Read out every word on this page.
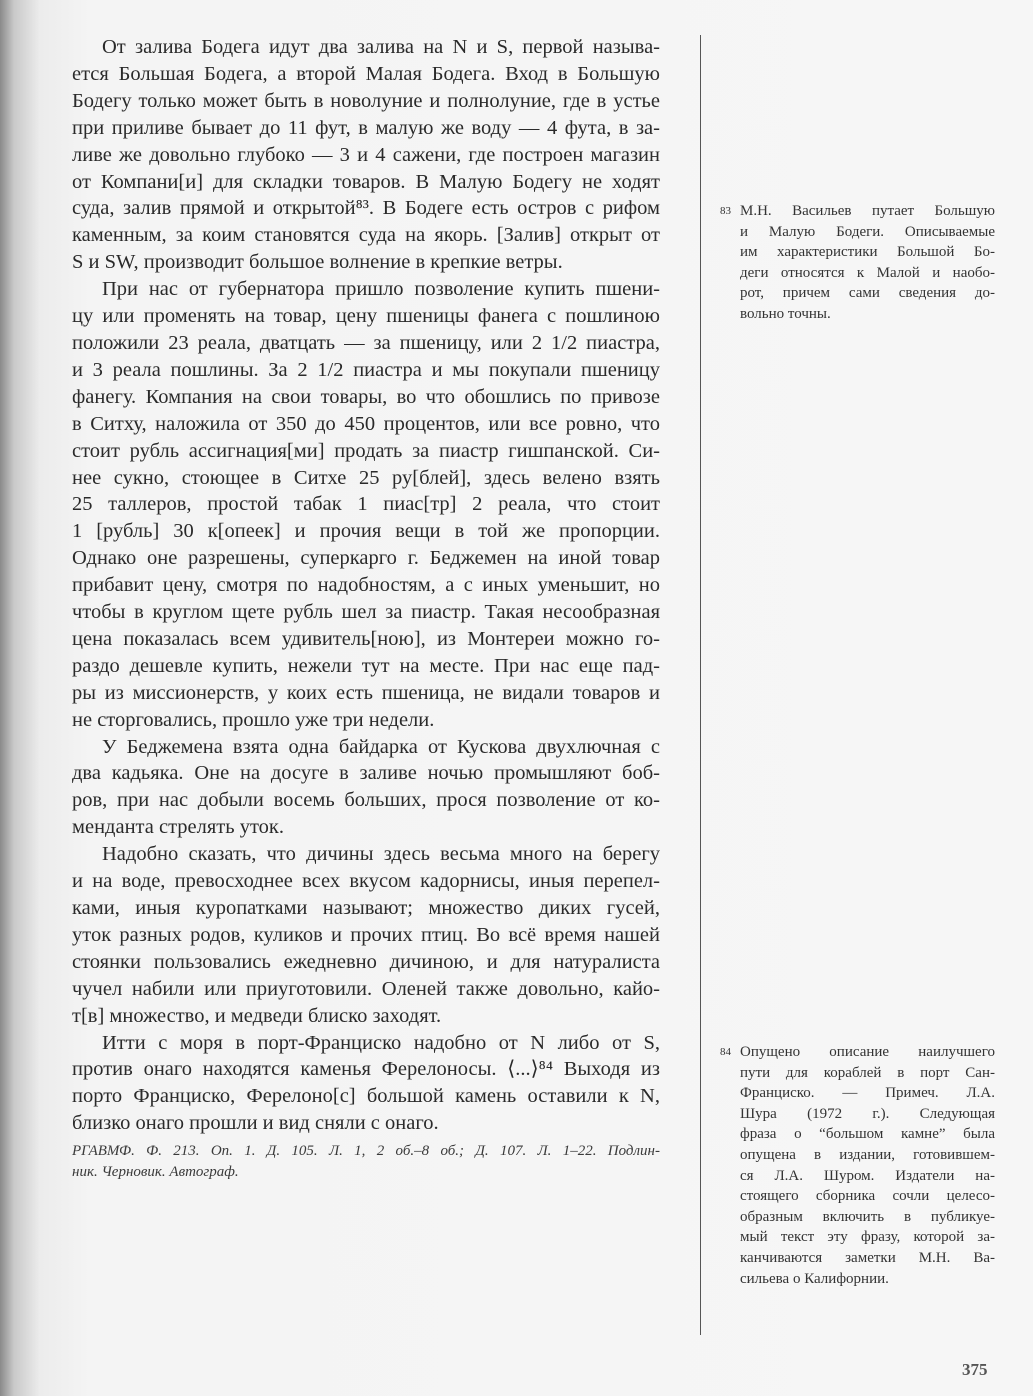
От залива Бодега идут два залива на N и S, первой называ-
ется Большая Бодега, а второй Малая Бодега. Вход в Большую
Бодегу только может быть в новолуние и полнолуние, где в устье
при приливе бывает до 11 фут, в малую же воду — 4 фута, в за-
ливе же довольно глубоко — 3 и 4 сажени, где построен магазин
от Компани[и] для складки товаров. В Малую Бодегу не ходят
суда, залив прямой и открытой⁸³. В Бодеге есть остров с рифом
каменным, за коим становятся суда на якорь. [Залив] открыт от
S и SW, производит большое волнение в крепкие ветры.
При нас от губернатора пришло позволение купить пшени-
цу или променять на товар, цену пшеницы фанега с пошлиною
положили 23 реала, дватцать — за пшеницу, или 2 1/2 пиастра,
и 3 реала пошлины. За 2 1/2 пиастра и мы покупали пшеницу
фанегу. Компания на свои товары, во что обошлись по привозе
в Ситху, наложила от 350 до 450 процентов, или все ровно, что
стоит рубль ассигнация[ми] продать за пиастр гишпанской. Си-
нее сукно, стоющее в Ситхе 25 ру[блей], здесь велено взять
25 таллеров, простой табак 1 пиас[тр] 2 реала, что стоит
1 [рубль] 30 к[опеек] и прочия вещи в той же пропорции.
Однако оне разрешены, суперкарго г. Беджемен на иной товар
прибавит цену, смотря по надобностям, а с иных уменьшит, но
чтобы в круглом щете рубль шел за пиастр. Такая несообразная
цена показалась всем удивитель[ною], из Монтереи можно го-
раздо дешевле купить, нежели тут на месте. При нас еще пад-
ры из миссионерств, у коих есть пшеница, не видали товаров и
не сторговались, прошло уже три недели.
У Беджемена взята одна байдарка от Кускова двухлючная с
два кадьяка. Оне на досуге в заливе ночью промышляют боб-
ров, при нас добыли восемь больших, прося позволение от ко-
менданта стрелять уток.
Надобно сказать, что дичины здесь весьма много на берегу
и на воде, превосходнее всех вкусом кадорнисы, иныя перепел-
ками, иныя куропатками называют; множество диких гусей,
уток разных родов, куликов и прочих птиц. Во всё время нашей
стоянки пользовались ежедневно дичиною, и для натуралиста
чучел набили или приуготовили. Оленей также довольно, кайо-
т[в] множество, и медведи блиско заходят.
Итти с моря в порт-Франциско надобно от N либо от S,
против онаго находятся каменья Ферелоносы. ⟨...⟩⁸⁴ Выходя из
порто Франциско, Ферелоно[с] большой камень оставили к N,
близко онаго прошли и вид сняли с онаго.
РГАВМФ. Ф. 213. Оп. 1. Д. 105. Л. 1, 2 об.–8 об.; Д. 107. Л. 1–22. Подлин-
ник. Черновик. Автограф.
83 М.Н. Васильев путает Большую
и Малую Бодеги. Описываемые
им характеристики Большой Бо-
деги относятся к Малой и наобо-
рот, причем сами сведения до-
вольно точны.
84 Опущено описание наилучшего
пути для кораблей в порт Сан-
Франциско. — Примеч. Л.А.
Шура (1972 г.). Следующая
фраза о “большом камне” была
опущена в издании, готовившем-
ся Л.А. Шуром. Издатели на-
стоящего сборника сочли целесо-
образным включить в публикуе-
мый текст эту фразу, которой за-
канчиваются заметки М.Н. Ва-
сильева о Калифорнии.
375
